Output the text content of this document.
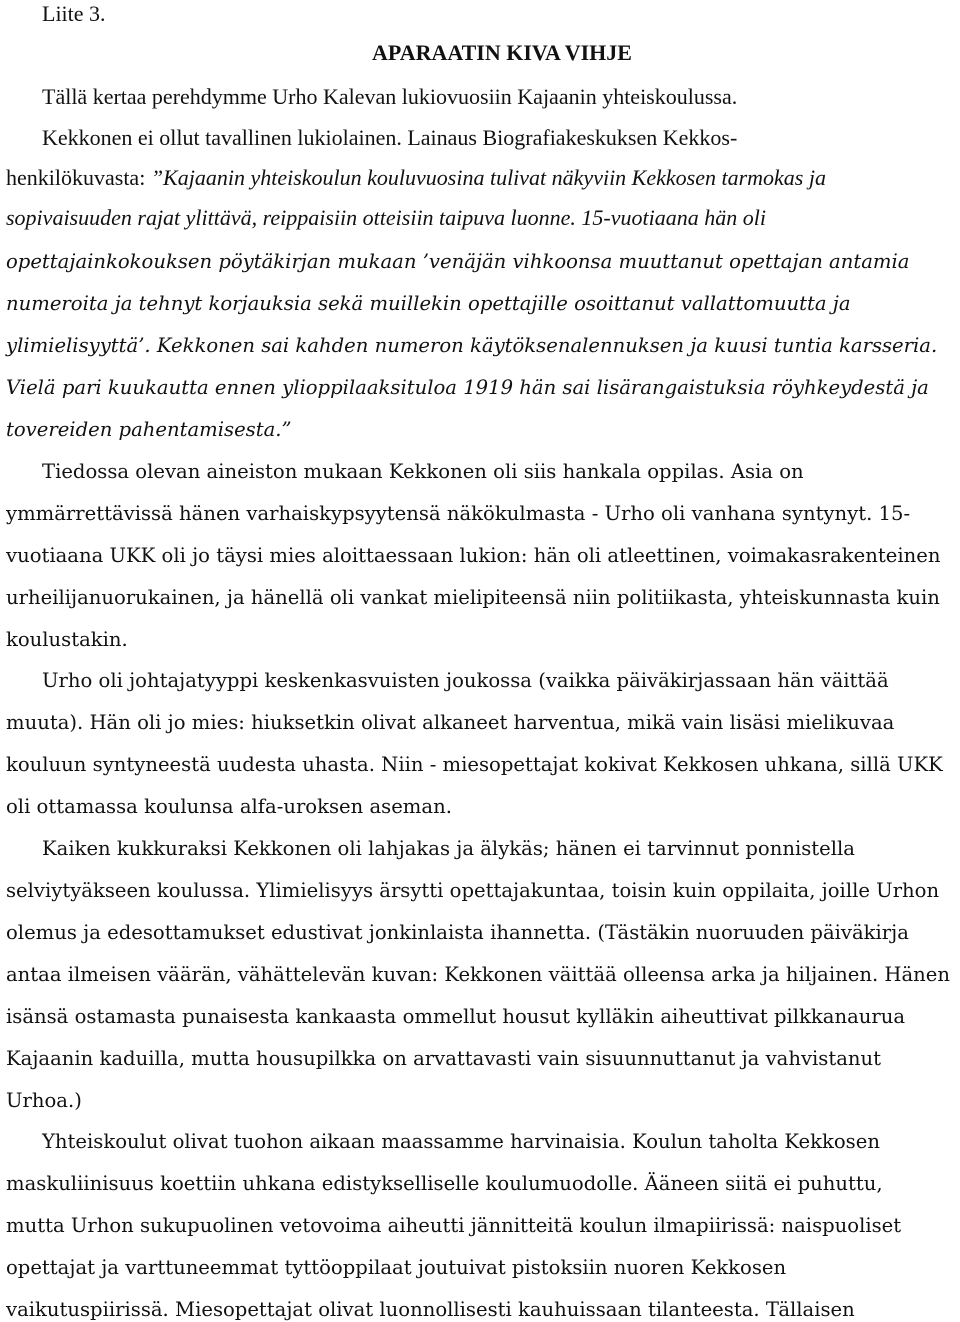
Liite 3.
APARAATIN KIVA VIHJE
Tällä kertaa perehdymme Urho Kalevan lukiovuosiin Kajaanin yhteiskoulussa.
Kekkonen ei ollut tavallinen lukiolainen. Lainaus Biografiakeskuksen Kekkos-
henkilökuvasta: ”Kajaanin yhteiskoulun kouluvuosina tulivat näkyviin Kekkosen tarmokas ja
sopivaisuuden rajat ylittävä, reippaisiin otteisiin taipuva luonne. 15-vuotiaana hän oli
opettajainkokouksen pöytäkirjan mukaan ’venäjän vihkoonsa muuttanut opettajan antamia
numeroita ja tehnyt korjauksia sekä muillekin opettajille osoittanut vallattomuutta ja
ylimielisyyttä’. Kekkonen sai kahden numeron käytöksenalennuksen ja kuusi tuntia karsseria.
Vielä pari kuukautta ennen ylioppilaaksituloa 1919 hän sai lisärangaistuksia röyhkeydestä ja
tovereiden pahentamisesta.”
Tiedossa olevan aineiston mukaan Kekkonen oli siis hankala oppilas. Asia on
ymmärrettävissä hänen varhaiskypsyytensä näkökulmasta - Urho oli vanhana syntynyt. 15-
vuotiaana UKK oli jo täysi mies aloittaessaan lukion: hän oli atleettinen, voimakasrakenteinen
urheilijanuorukainen, ja hänellä oli vankat mielipiteensä niin politiikasta, yhteiskunnasta kuin
koulustakin.
Urho oli johtajatyyppi keskenkasvuisten joukossa (vaikka päiväkirjassaan hän väittää
muuta). Hän oli jo mies: hiuksetkin olivat alkaneet harventua, mikä vain lisäsi mielikuvaa
kouluun syntyneestä uudesta uhasta. Niin - miesopettajat kokivat Kekkosen uhkana, sillä UKK
oli ottamassa koulunsa alfa-uroksen aseman.
Kaiken kukkuraksi Kekkonen oli lahjakas ja älykäs; hänen ei tarvinnut ponnistella
selviytyäkseen koulussa. Ylimielisyys ärsytti opettajakuntaa, toisin kuin oppilaita, joille Urhon
olemus ja edesottamukset edustivat jonkinlaista ihannetta. (Tästäkin nuoruuden päiväkirja
antaa ilmeisen väärän, vähättelevän kuvan: Kekkonen väittää olleensa arka ja hiljainen. Hänen
isänsä ostamasta punaisesta kankaasta ommellut housut kylläkin aiheuttivat pilkkanaurua
Kajaanin kaduilla, mutta housupilkka on arvattavasti vain sisuunnuttanut ja vahvistanut
Urhoa.)
Yhteiskoulut olivat tuohon aikaan maassamme harvinaisia. Koulun taholta Kekkosen
maskuliinisuus koettiin uhkana edistykselliselle koulumuodolle. Ääneen siitä ei puhuttu,
mutta Urhon sukupuolinen vetovoima aiheutti jännitteitä koulun ilmapiirissä: naispuoliset
opettajat ja varttuneemmat tyttöoppilaat joutuivat pistoksiin nuoren Kekkosen
vaikutuspiirissä. Miesopettajat olivat luonnollisesti kauhuissaan tilanteesta. Tällaisen
